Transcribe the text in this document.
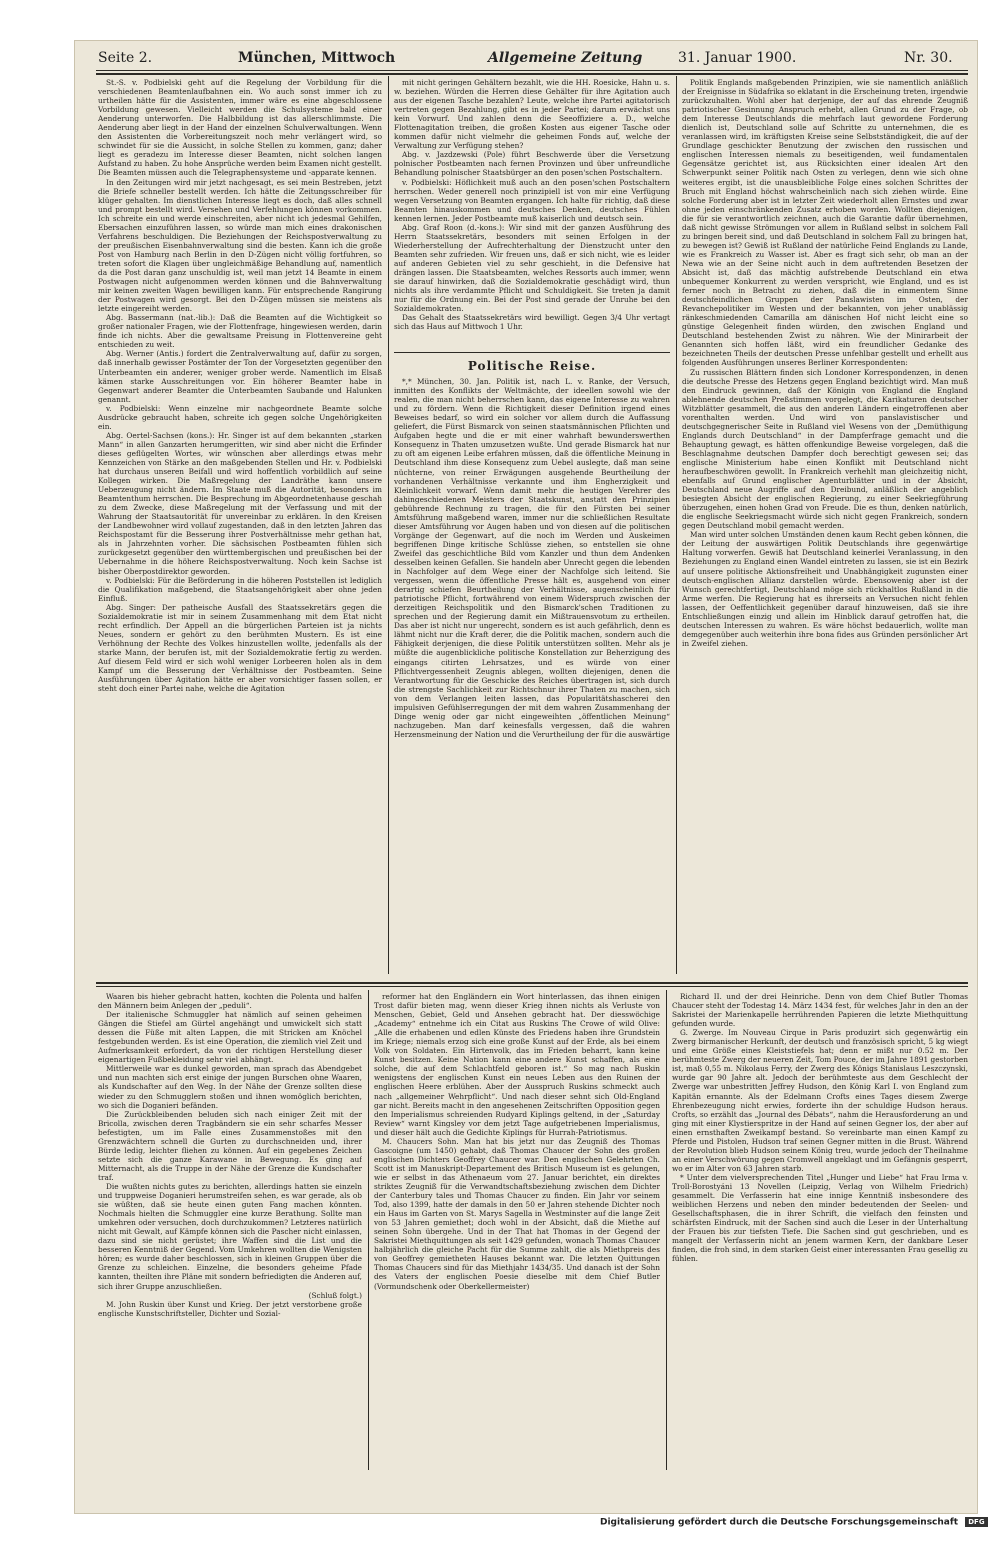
Seite 2.	München, Mittwoch	Allgemeine Zeitung	31. Januar 1900.	Nr. 30.

St.-S. v. Podbielski geht auf die Regelung der Vorbildung für die verschiedenen Beamtenlaufbahnen ein. Wo auch sonst immer ich zu urtheilen hätte für die Assistenten, immer wäre es eine abgeschlossene Vorbildung gewesen. Vielleicht werden die Schulsysteme bald einer Aenderung unterworfen. Die Halbbildung ist das allerschlimmste. Die Aenderung aber liegt in der Hand der einzelnen Schulverwaltungen. Wenn den Assistenten die Vorbereitungszeit noch mehr verlängert wird, so schwindet für sie die Aussicht, in solche Stellen zu kommen, ganz; daher liegt es geradezu im Interesse dieser Beamten, nicht solchen langen Aufstand zu haben. Zu hohe Ansprüche werden beim Examen nicht gestellt. Die Beamten müssen auch die Telegraphensysteme und -apparate kennen.

In den Zeitungen wird mir jetzt nachgesagt, es sei mein Bestreben, jetzt die Briefe schneller bestellt werden. Ich hätte die Zeitungsschreiber für klüger gehalten. Im dienstlichen Interesse liegt es doch, daß alles schnell und prompt bestellt wird. Versehen und Verfehlungen können vorkommen. Ich schreite ein und werde einschreiten, aber nicht ich jedesmal Gehilfen, Ebersachen einzuführen lassen, so würde man mich eines drakonischen Verfahrens beschuldigen. Die Beziehungen der Reichspostverwaltung zu der preußischen Eisenbahnverwaltung sind die besten. Kann ich die große Post von Hamburg nach Berlin in den D-Zügen nicht völlig fortfuhren, so treten sofort die Klagen über ungleichmäßige Behandlung auf, namentlich da die Post daran ganz unschuldig ist, weil man jetzt 14 Beamte in einem Postwagen nicht aufgenommen werden können und die Bahnverwaltung mir keinen zweiten Wagen bewilligen kann. Für entsprechende Rangirung der Postwagen wird gesorgt. Bei den D-Zügen müssen sie meistens als letzte eingereiht werden.

Abg. Bassermann (nat.-lib.): Daß die Beamten auf die Wichtigkeit so großer nationaler Fragen, wie der Flottenfrage, hingewiesen werden, darin finde ich nichts. Aber die gewaltsame Preisung in Flottenvereine geht entschieden zu weit.

Abg. Werner (Antis.) fordert die Zentralverwaltung auf, dafür zu sorgen, daß innerhalb gewisser Postämter der Ton der Vorgesetzten gegenüber den Unterbeamten ein anderer, weniger grober werde. Namentlich im Elsaß kämen starke Ausschreitungen vor. Ein höherer Beamter habe in Gegenwart anderer Beamter die Unterbeamten Saubande und Halunken genannt.

v. Podbielski: Wenn einzelne mir nachgeordnete Beamte solche Ausdrücke gebraucht haben, schreite ich gegen solche Ungehörigkeiten ein.

Abg. Oertel-Sachsen (kons.): Hr. Singer ist auf dem bekannten „starken Mann“ in allen Ganzarten herumgeritten, wir sind aber nicht die Erfinder dieses geflügelten Wortes, wir wünschen aber allerdings etwas mehr Kennzeichen von Stärke an den maßgebenden Stellen und Hr. v. Podbielski hat durchaus unseren Beifall und wird hoffentlich vorbildlich auf seine Kollegen wirken. Die Maßregelung der Landräthe kann unsere Ueberzeugung nicht ändern. Im Staate muß die Autorität, besonders im Beamtenthum herrschen. Die Besprechung im Abgeordnetenhause geschah zu dem Zwecke, diese Maßregelung mit der Verfassung und mit der Wahrung der Staatsautorität für unvereinbar zu erklären. In den Kreisen der Landbewohner wird vollauf zugestanden, daß in den letzten Jahren das Reichspostamt für die Besserung ihrer Postverhältnisse mehr gethan hat, als in Jahrzehnten vorher. Die sächsischen Postbeamten fühlen sich zurückgesetzt gegenüber den württembergischen und preußischen bei der Uebernahme in die höhere Reichspostverwaltung. Noch kein Sachse ist bisher Oberpostdirektor geworden.

v. Podbielski: Für die Beförderung in die höheren Poststellen ist lediglich die Qualifikation maßgebend, die Staatsangehörigkeit aber ohne jeden Einfluß.

Abg. Singer: Der patheische Ausfall des Staatssekretärs gegen die Sozialdemokratie ist mir in seinem Zusammenhang mit dem Etat nicht recht erfindlich. Der Appell an die bürgerlichen Parteien ist ja nichts Neues, sondern er gehört zu den berühmten Mustern. Es ist eine Verhöhnung der Rechte des Volkes hinzustellen wollte, jedenfalls als der starke Mann, der berufen ist, mit der Sozialdemokratie fertig zu werden. Auf diesem Feld wird er sich wohl weniger Lorbeeren holen als in dem Kampf um die Besserung der Verhältnisse der Postbeamten. Seine Ausführungen über Agitation hätte er aber vorsichtiger fassen sollen, er steht doch einer Partei nahe, welche die Agitation

mit nicht geringen Gehältern bezahlt, wie die HH. Roesicke, Hahn u. s. w. beziehen. Würden die Herren diese Gehälter für ihre Agitation auch aus der eigenen Tasche bezahlen? Leute, welche ihre Partei agitatorisch vertreten gegen Bezahlung, gibt es in jeder Partei; darum erwächst uns kein Vorwurf. Und zahlen denn die Seeoffiziere a. D., welche Flottenagitation treiben, die großen Kosten aus eigener Tasche oder kommen dafür nicht vielmehr die geheimen Fonds auf, welche der Verwaltung zur Verfügung stehen?

Abg. v. Jazdzewski (Pole) führt Beschwerde über die Versetzung polnischer Postbeamten nach fernen Provinzen und über unfreundliche Behandlung polnischer Staatsbürger an den posen'schen Postschaltern.

v. Podbielski: Höflichkeit muß auch an den posen'schen Postschaltern herrschen. Weder generell noch prinzipiell ist von mir eine Verfügung wegen Versetzung von Beamten ergangen. Ich halte für richtig, daß diese Beamten hinauskommen und deutsches Denken, deutsches Fühlen kennen lernen. Jeder Postbeamte muß kaiserlich und deutsch sein.

Abg. Graf Roon (d.-kons.): Wir sind mit der ganzen Ausführung des Herrn Staatssekretärs, besonders mit seinen Erfolgen in der Wiederherstellung der Aufrechterhaltung der Dienstzucht unter den Beamten sehr zufrieden. Wir freuen uns, daß er sich nicht, wie es leider auf anderen Gebieten viel zu sehr geschieht, in die Defensive hat drängen lassen. Die Staatsbeamten, welches Ressorts auch immer, wenn sie darauf hinwirken, daß die Sozialdemokratie geschädigt wird, thun nichts als ihre verdammte Pflicht und Schuldigkeit. Sie treten ja damit nur für die Ordnung ein. Bei der Post sind gerade der Unruhe bei den Sozialdemokraten.

Das Gehalt des Staatssekretärs wird bewilligt. Gegen 3/4 Uhr vertagt sich das Haus auf Mittwoch 1 Uhr.

Politische Reise.

*,* München, 30. Jan. Politik ist, nach L. v. Ranke, der Versuch, inmitten des Konflikts der Weltmächte, der ideellen sowohl wie der realen, die man nicht beherrschen kann, das eigene Interesse zu wahren und zu fördern. Wenn die Richtigkeit dieser Definition irgend eines Beweises bedarf, so wird ein solcher vor allem durch die Auffassung geliefert, die Fürst Bismarck von seinen staatsmännischen Pflichten und Aufgaben hegte und die er mit einer wahrhaft bewunderswerthen Konsequenz in Thaten umzusetzen wußte. Und gerade Bismarck hat nur zu oft am eigenen Leibe erfahren müssen, daß die öffentliche Meinung in Deutschland ihm diese Konsequenz zum Uebel auslegte, daß man seine nüchterne, von reiner Erwägungen ausgehende Beurtheilung der vorhandenen Verhältnisse verkannte und ihm Engherzigkeit und Kleinlichkeit vorwarf. Wenn damit mehr die heutigen Verehrer des dahingeschiedenen Meisters der Staatskunst, anstatt den Prinzipien gebührende Rechnung zu tragen, die für den Fürsten bei seiner Amtsführung maßgebend waren, immer nur die schließlichen Resultate dieser Amtsführung vor Augen haben und von diesen auf die politischen Vorgänge der Gegenwart, auf die noch im Werden und Auskeimen begriffenen Dinge kritische Schlüsse ziehen, so entstellen sie ohne Zweifel das geschichtliche Bild vom Kanzler und thun dem Andenken desselben keinen Gefallen. Sie handeln aber Unrecht gegen die lebenden in Nachfolger auf dem Wege einer der Nachfolge sich leitend. Sie vergessen, wenn die öffentliche Presse hält es, ausgehend von einer derartig schiefen Beurtheilung der Verhältnisse, augenscheinlich für patriotische Pflicht, fortwährend von einem Widerspruch zwischen der derzeitigen Reichspolitik und den Bismarck'schen Traditionen zu sprechen und der Regierung damit ein Mißtrauensvotum zu ertheilen. Das aber ist nicht nur ungerecht, sondern es ist auch gefährlich, denn es lähmt nicht nur die Kraft derer, die die Politik machen, sondern auch die Fähigkeit derjenigen, die diese Politik unterstützen sollten. Mehr als je müßte die augenblickliche politische Konstellation zur Beherzigung des eingangs citirten Lehrsatzes, und es würde von einer Pflichtvergessenheit Zeugnis ablegen, wollten diejenigen, denen die Verantwortung für die Geschicke des Reiches übertragen ist, sich durch die strengste Sachlichkeit zur Richtschnur ihrer Thaten zu machen, sich von dem Verlangen leiten lassen, das Popularitätshascherei den impulsiven Gefühlserregungen der mit dem wahren Zusammenhang der Dinge wenig oder gar nicht eingeweihten „öffentlichen Meinung“ nachzugeben. Man darf keinesfalls vergessen, daß die wahren Herzensmeinung der Nation und die Verurtheilung der für die auswärtige

Politik Englands maßgebenden Prinzipien, wie sie namentlich anläßlich der Ereignisse in Südafrika so eklatant in die Erscheinung treten, irgendwie zurückzuhalten. Wohl aber hat derjenige, der auf das ehrende Zeugniß patriotischer Gesinnung Anspruch erhebt, allen Grund zu der Frage, ob dem Interesse Deutschlands die mehrfach laut gewordene Forderung dienlich ist, Deutschland solle auf Schritte zu unternehmen, die es veranlassen wird, im kräftigsten Kreise seine Selbstständigkeit, die auf der Grundlage geschickter Benutzung der zwischen den russischen und englischen Interessen niemals zu beseitigenden, weil fundamentalen Gegensätze gerichtet ist, aus Rücksichten einer idealen Art den Schwerpunkt seiner Politik nach Osten zu verlegen, denn wie sich ohne weiteres ergibt, ist die unausbleibliche Folge eines solchen Schrittes der Bruch mit England höchst wahrscheinlich nach sich ziehen würde. Eine solche Forderung aber ist in letzter Zeit wiederholt allen Ernstes und zwar ohne jeden einschränkenden Zusatz erhoben worden. Wollten diejenigen, die für sie verantwortlich zeichnen, auch die Garantie dafür übernehmen, daß nicht gewisse Strömungen vor allem in Rußland selbst in solchem Fall zu bringen bereit sind, und daß Deutschland in solchem Fall zu bringen hat, zu bewegen ist? Gewiß ist Rußland der natürliche Feind Englands zu Lande, wie es Frankreich zu Wasser ist. Aber es fragt sich sehr, ob man an der Newa wie an der Seine nicht auch in dem auftretenden Besetzen der Absicht ist, daß das mächtig aufstrebende Deutschland ein etwa unbequemer Konkurrent zu werden verspricht, wie England, und es ist ferner noch in Betracht zu ziehen, daß die in einmentem Sinne deutschfeindlichen Gruppen der Panslawisten im Osten, der Revanchepolitiker im Westen und der bekannten, von jeher unablässig ränkeschmiedenden Camarilla am dänischen Hof nicht leicht eine so günstige Gelegenheit finden würden, den zwischen England und Deutschland bestehenden Zwist zu nähren. Wie der Minirarbeit der Genannten sich hoffen läßt, wird ein freundlicher Gedanke des bezeichneten Theils der deutschen Presse unfehlbar gestellt und erhellt aus folgenden Ausführungen unseres Berliner Korrespondenten:

Zu russischen Blättern finden sich Londoner Korrespondenzen, in denen die deutsche Presse des Hetzens gegen England bezichtigt wird. Man muß den Eindruck gewinnen, daß der Königin von England die England ablehnende deutschen Preßstimmen vorgelegt, die Karikaturen deutscher Witzblätter gesammelt, die aus den anderen Ländern eingetroffenen aber vorenthalten werden. Und wird von panslavistischer und deutschgegnerischer Seite in Rußland viel Wesens von der „Demüthigung Englands durch Deutschland“ in der Dampferfrage gemacht und die Behauptung gewagt, es hätten offenkundige Beweise vorgelegen, daß die Beschlagnahme deutschen Dampfer doch berechtigt gewesen sei; das englische Ministerium habe einen Konflikt mit Deutschland nicht heraufbeschwören gewollt. In Frankreich verhehlt man gleichzeitig nicht, ebenfalls auf Grund englischer Agenturblätter und in der Absicht, Deutschland neue Augriffe auf den Dreibund, anläßlich der angeblich besiegten Absicht der englischen Regierung, zu einer Seekriegführung überzugehen, einen hohen Grad von Freude. Die es thun, denken natürlich, die englische Seekriegsmacht würde sich nicht gegen Frankreich, sondern gegen Deutschland mobil gemacht werden.

Man wird unter solchen Umständen denen kaum Recht geben können, die der Leitung der auswärtigen Politik Deutschlands ihre gegenwärtige Haltung vorwerfen. Gewiß hat Deutschland keinerlei Veranlassung, in den Beziehungen zu England einen Wandel eintreten zu lassen, sie ist ein Bezirk auf unsere politische Aktionsfreiheit und Unabhängigkeit zugunsten einer deutsch-englischen Allianz darstellen würde. Ebensowenig aber ist der Wunsch gerechtfertigt, Deutschland möge sich rückhaltlos Rußland in die Arme werfen. Die Regierung hat es ihrerseits an Versuchen nicht fehlen lassen, der Oeffentlichkeit gegenüber darauf hinzuweisen, daß sie ihre Entschließungen einzig und allein im Hinblick darauf getroffen hat, die deutschen Interessen zu wahren. Es wäre höchst bedauerlich, wollte man demgegenüber auch weiterhin ihre bona fides aus Gründen persönlicher Art in Zweifel ziehen.

Waaren bis hieher gebracht hatten, kochten die Polenta und halfen den Männern beim Anlegen der „peduli“.

Der italienische Schmuggler hat nämlich auf seinen geheimen Gängen die Stiefel am Gürtel angehängt und umwickelt sich statt dessen die Füße mit alten Lappen, die mit Stricken am Knöchel festgebunden werden. Es ist eine Operation, die ziemlich viel Zeit und Aufmerksamkeit erfordert, da von der richtigen Herstellung dieser eigenartigen Fußbekleidung sehr viel abhängt.

Mittlerweile war es dunkel geworden, man sprach das Abendgebet und nun machten sich erst einige der jungen Burschen ohne Waaren, als Kundschafter auf den Weg. In der Nähe der Grenze sollten diese wieder zu den Schmugglern stoßen und ihnen womöglich berichten, wo sich die Doganieri befänden.

Die Zurückbleibenden beluden sich nach einiger Zeit mit der Bricolla, zwischen deren Tragbändern sie ein sehr scharfes Messer befestigten, um im Falle eines Zusammenstoßes mit den Grenzwächtern schnell die Gurten zu durchschneiden und, ihrer Bürde ledig, leichter fliehen zu können. Auf ein gegebenes Zeichen setzte sich die ganze Karawane in Bewegung. Es ging auf Mitternacht, als die Truppe in der Nähe der Grenze die Kundschafter traf.

Die wußten nichts gutes zu berichten, allerdings hatten sie einzeln und truppweise Doganieri herumstreifen sehen, es war gerade, als ob sie wüßten, daß sie heute einen guten Fang machen könnten. Nochmals hielten die Schmuggler eine kurze Berathung. Sollte man umkehren oder versuchen, doch durchzukommen? Letzteres natürlich nicht mit Gewalt, auf Kämpfe können sich die Pascher nicht einlassen, dazu sind sie nicht gerüstet; ihre Waffen sind die List und die besseren Kenntniß der Gegend. Vom Umkehren wollten die Wenigsten hören; es wurde daher beschlossen, sich in kleinen Gruppen über die Grenze zu schleichen. Einzelne, die besonders geheime Pfade kannten, theilten ihre Pläne mit sondern befriedigten die Anderen auf, sich ihrer Gruppe anzuschließen.

(Schluß folgt.)

M. John Ruskin über Kunst und Krieg. Der jetzt verstorbene große englische Kunstschriftsteller, Dichter und Sozial-

reformer hat den Engländern ein Wort hinterlassen, das ihnen einigen Trost dafür bieten mag, wenn dieser Krieg ihnen nichts als Verluste von Menschen, Gebiet, Geld und Ansehen gebracht hat. Der diesswöchige „Academy“ entnehme ich ein Citat aus Ruskins The Crowe of wild Olive: „Alle die erhabenen und edlen Künste des Friedens haben ihre Grundstein im Kriege; niemals erzog sich eine große Kunst auf der Erde, als bei einem Volk von Soldaten. Ein Hirtenvolk, das im Frieden beharrt, kann keine Kunst besitzen. Keine Nation kann eine andere Kunst schaffen, als eine solche, die auf dem Schlachtfeld geboren ist.“ So mag nach Ruskin wenigstens der englischen Kunst ein neues Leben aus den Ruinen der englischen Heere erblühen. Aber der Ausspruch Ruskins schmeckt auch nach „allgemeiner Wehrpflicht“. Und nach dieser sehnt sich Old-England gar nicht. Bereits macht in den angesehenen Zeitschriften Opposition gegen den Imperialismus schreienden Rudyard Kiplings geltend, in der „Saturday Review“ warnt Kingsley vor dem jetzt Tage aufgetriebenen Imperialismus, und dieser hält auch die Gedichte Kiplings für Hurrah-Patriotismus.

M. Chaucers Sohn. Man hat bis jetzt nur das Zeugniß des Thomas Gascoigne (um 1450) gehabt, daß Thomas Chaucer der Sohn des großen englischen Dichters Geoffrey Chaucer war. Den englischen Gelehrten Ch. Scott ist im Manuskript-Departement des Britisch Museum ist es gelungen, wie er selbst in das Athenaeum vom 27. Januar berichtet, ein direktes striktes Zeugniß für die Verwandtschaftsbeziehung zwischen dem Dichter der Canterbury tales und Thomas Chaucer zu finden. Ein Jahr vor seinem Tod, also 1399, hatte der damals in den 50 er Jahren stehende Dichter noch ein Haus im Garten von St. Marys Sagella in Westminster auf die lange Zeit von 53 Jahren gemiethet; doch wohl in der Absicht, daß die Miethe auf seinen Sohn übergehe. Und in der That hat Thomas in der Gegend der Sakristei Miethquittungen als seit 1429 gefunden, wonach Thomas Chaucer halbjährlich die gleiche Pacht für die Summe zahlt, die als Miethpreis des von Geoffrey gemietheten Hauses bekannt war. Die letzten Quittungen Thomas Chaucers sind für das Miethjahr 1434/35. Und danach ist der Sohn des Vaters der englischen Poesie dieselbe mit dem Chief Butler (Vormundschenk oder Oberkellermeister)

Richard II. und der drei Heinriche. Denn von dem Chief Butler Thomas Chaucer steht der Todestag 14. März 1434 fest, für welches Jahr in den an der Sakristei der Marienkapelle herrührenden Papieren die letzte Miethquittung gefunden wurde.

G. Zwerge. Im Nouveau Cirque in Paris produzirt sich gegenwärtig ein Zwerg birmanischer Herkunft, der deutsch und französisch spricht, 5 kg wiegt und eine Größe eines Kleiststiefels hat; denn er mißt nur 0.52 m. Der berühmteste Zwerg der neueren Zeit, Tom Pouce, der im Jahre 1891 gestorben ist, maß 0,55 m. Nikolaus Ferry, der Zwerg des Königs Stanislaus Leszczynski, wurde gar 90 Jahre alt. Jedoch der berühmteste aus dem Geschlecht der Zwerge war unbestritten Jeffrey Hudson, den König Karl I. von England zum Kapitän ernannte. Als der Edelmann Crofts eines Tages diesem Zwerge Ehrenbezeugung nicht erwies, forderte ihn der schuldige Hudson heraus. Crofts, so erzählt das „Journal des Débats“, nahm die Herausforderung an und ging mit einer Klystierspritze in der Hand auf seinen Gegner los, der aber auf einen ernsthaften Zweikampf bestand. So vereinbarte man einen Kampf zu Pferde und Pistolen, Hudson traf seinen Gegner mitten in die Brust. Während der Revolution blieb Hudson seinem König treu, wurde jedoch der Theilnahme an einer Verschwörung gegen Cromwell angeklagt und im Gefängnis gesperrt, wo er im Alter von 63 Jahren starb.

* Unter dem vielversprechenden Titel „Hunger und Liebe“ hat Frau Irma v. Troll-Borostyáni 13 Novellen (Leipzig, Verlag von Wilhelm Friedrich) gesammelt. Die Verfasserin hat eine innige Kenntniß insbesondere des weiblichen Herzens und neben den minder bedeutenden der Seelen- und Gesellschaftsphasen, die in ihrer Schrift, die vielfach den feinsten und schärfsten Eindruck, mit der Sachen sind auch die Leser in der Unterhaltung der Frauen bis zur tiefsten Tiefe. Die Sachen sind gut geschrieben, und es mangelt der Verfasserin nicht an jenem warmen Kern, der dankbare Leser finden, die froh sind, in dem starken Geist einer interessanten Frau gesellig zu fühlen.

Digitalisierung gefördert durch die Deutsche Forschungsgemeinschaft DFG
